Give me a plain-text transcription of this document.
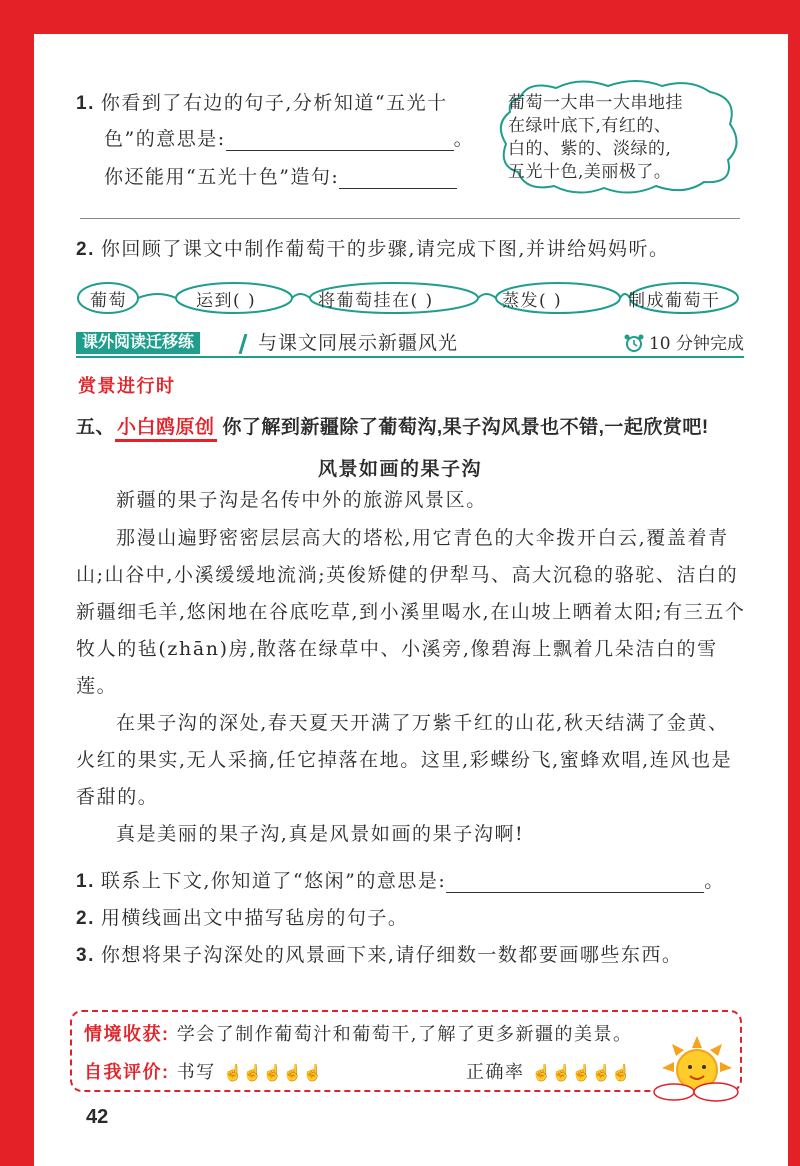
1. 你看到了右边的句子,分析知道“五光十
色”的意思是:	。
你还能用“五光十色”造句:
葡萄一大串一大串地挂
在绿叶底下,有红的、
白的、紫的、淡绿的,
五光十色,美丽极了。
2. 你回顾了课文中制作葡萄干的步骤,请完成下图,并讲给妈妈听。
葡萄	运到( )	将葡萄挂在( )	蒸发( )	制成葡萄干
课外阅读迁移练	与课文同展示新疆风光	10 分钟完成
赏景进行时
五、 小白鸥原创 你了解到新疆除了葡萄沟,果子沟风景也不错,一起欣赏吧!
风景如画的果子沟
新疆的果子沟是名传中外的旅游风景区。
那漫山遍野密密层层高大的塔松,用它青色的大伞拨开白云,覆盖着青山;山谷中,小溪缓缓地流淌;英俊矫健的伊犁马、高大沉稳的骆驼、洁白的新疆细毛羊,悠闲地在谷底吃草,到小溪里喝水,在山坡上晒着太阳;有三五个牧人的毡(zhān)房,散落在绿草中、小溪旁,像碧海上飘着几朵洁白的雪莲。
在果子沟的深处,春天夏天开满了万紫千红的山花,秋天结满了金黄、火红的果实,无人采摘,任它掉落在地。这里,彩蝶纷飞,蜜蜂欢唱,连风也是香甜的。
真是美丽的果子沟,真是风景如画的果子沟啊!
1. 联系上下文,你知道了“悠闲”的意思是:	。
2. 用横线画出文中描写毡房的句子。
3. 你想将果子沟深处的风景画下来,请仔细数一数都要画哪些东西。
情境收获: 学会了制作葡萄汁和葡萄干,了解了更多新疆的美景。
自我评价: 书写 ☝☝☝☝☝	正确率 ☝☝☝☝☝
42
